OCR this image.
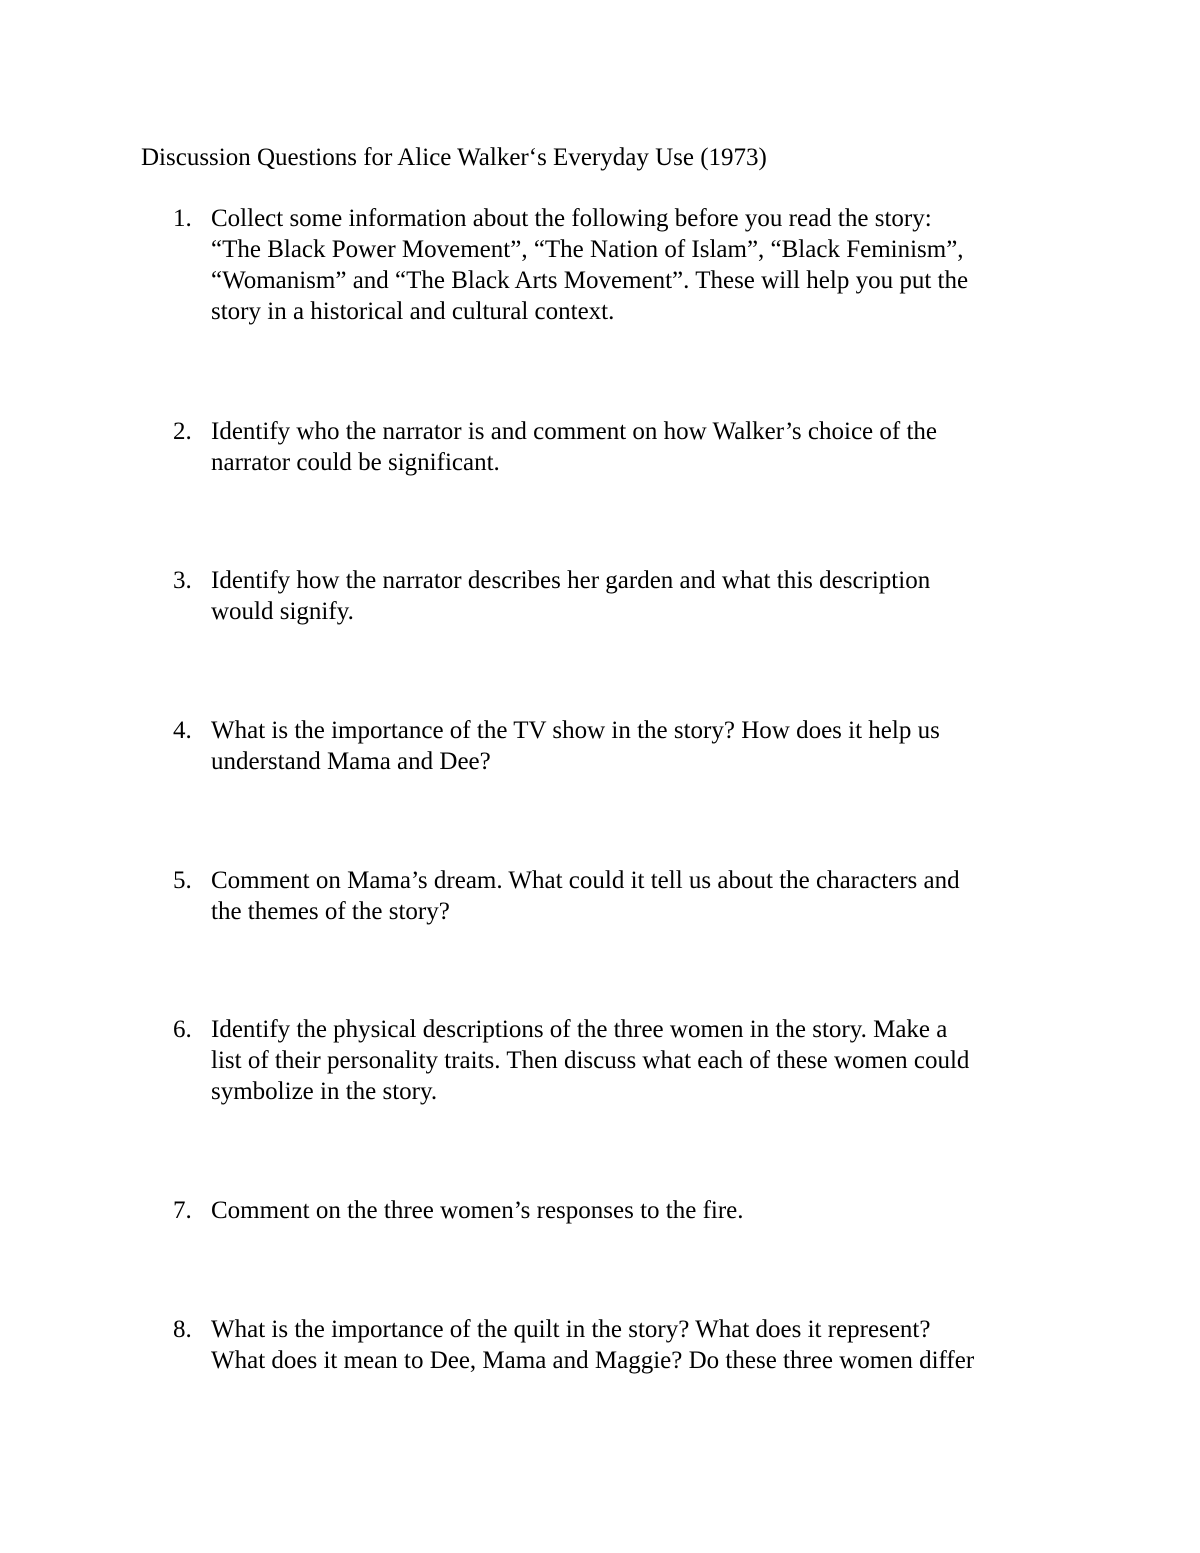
Discussion Questions for Alice Walker‘s Everyday Use (1973)
1. Collect some information about the following before you read the story:
“The Black Power Movement”, “The Nation of Islam”, “Black Feminism”,
“Womanism” and “The Black Arts Movement”. These will help you put the
story in a historical and cultural context.
2. Identify who the narrator is and comment on how Walker’s choice of the
narrator could be significant.
3. Identify how the narrator describes her garden and what this description
would signify.
4. What is the importance of the TV show in the story? How does it help us
understand Mama and Dee?
5. Comment on Mama’s dream. What could it tell us about the characters and
the themes of the story?
6. Identify the physical descriptions of the three women in the story. Make a
list of their personality traits. Then discuss what each of these women could
symbolize in the story.
7. Comment on the three women’s responses to the fire.
8. What is the importance of the quilt in the story? What does it represent?
What does it mean to Dee, Mama and Maggie? Do these three women differ
